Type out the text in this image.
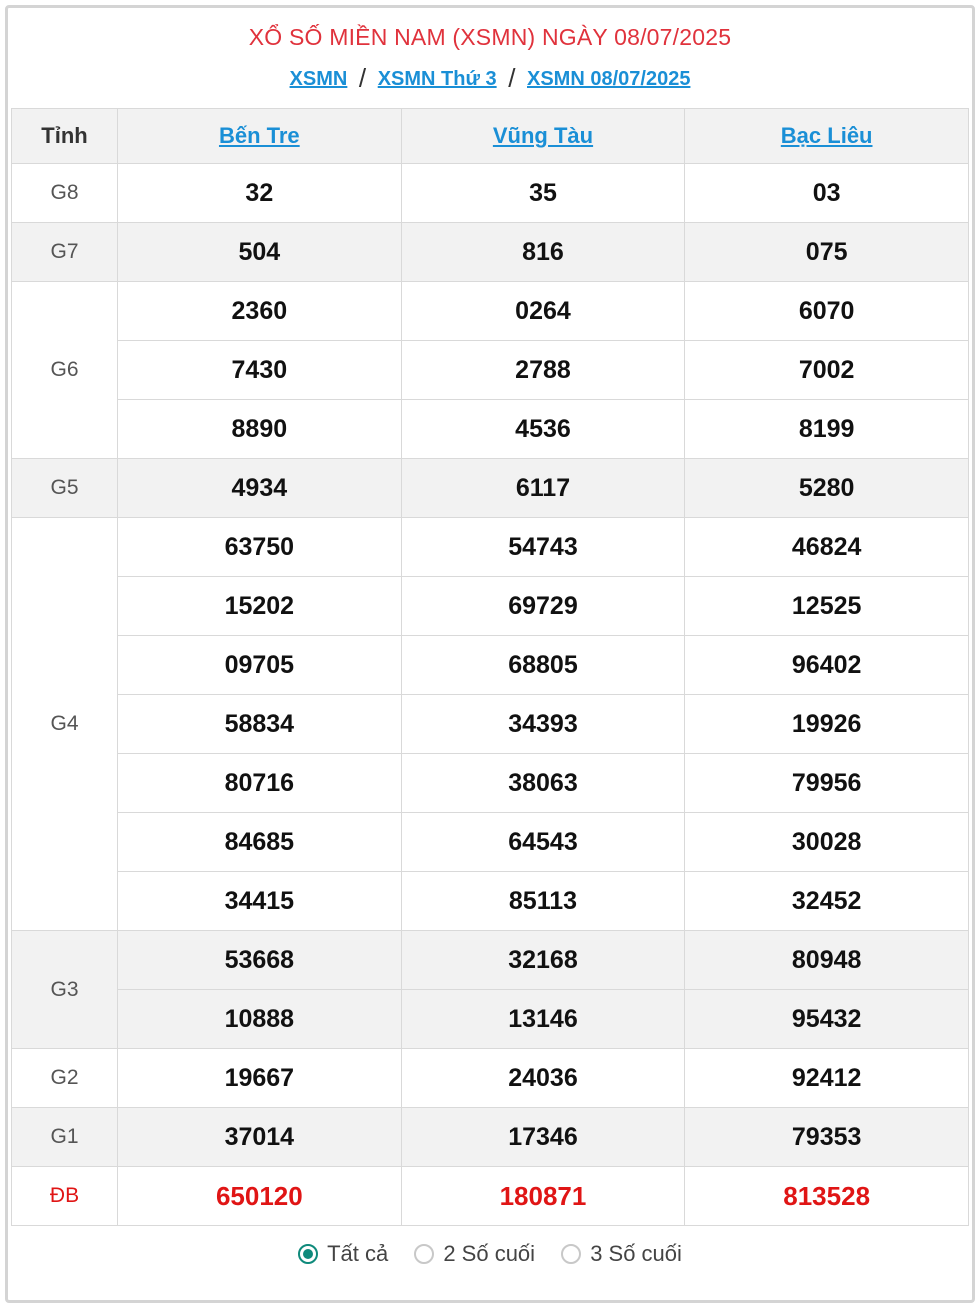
XỔ SỐ MIỀN NAM (XSMN) NGÀY 08/07/2025
XSMN / XSMN Thứ 3 / XSMN 08/07/2025
Tỉnh	Bến Tre	Vũng Tàu	Bạc Liêu
G8	32	35	03
G7	504	816	075
G6	2360	0264	6070
	7430	2788	7002
	8890	4536	8199
G5	4934	6117	5280
G4	63750	54743	46824
	15202	69729	12525
	09705	68805	96402
	58834	34393	19926
	80716	38063	79956
	84685	64543	30028
	34415	85113	32452
G3	53668	32168	80948
	10888	13146	95432
G2	19667	24036	92412
G1	37014	17346	79353
ĐB	650120	180871	813528
Tất cả
	2 Số cuối
	3 Số cuối
